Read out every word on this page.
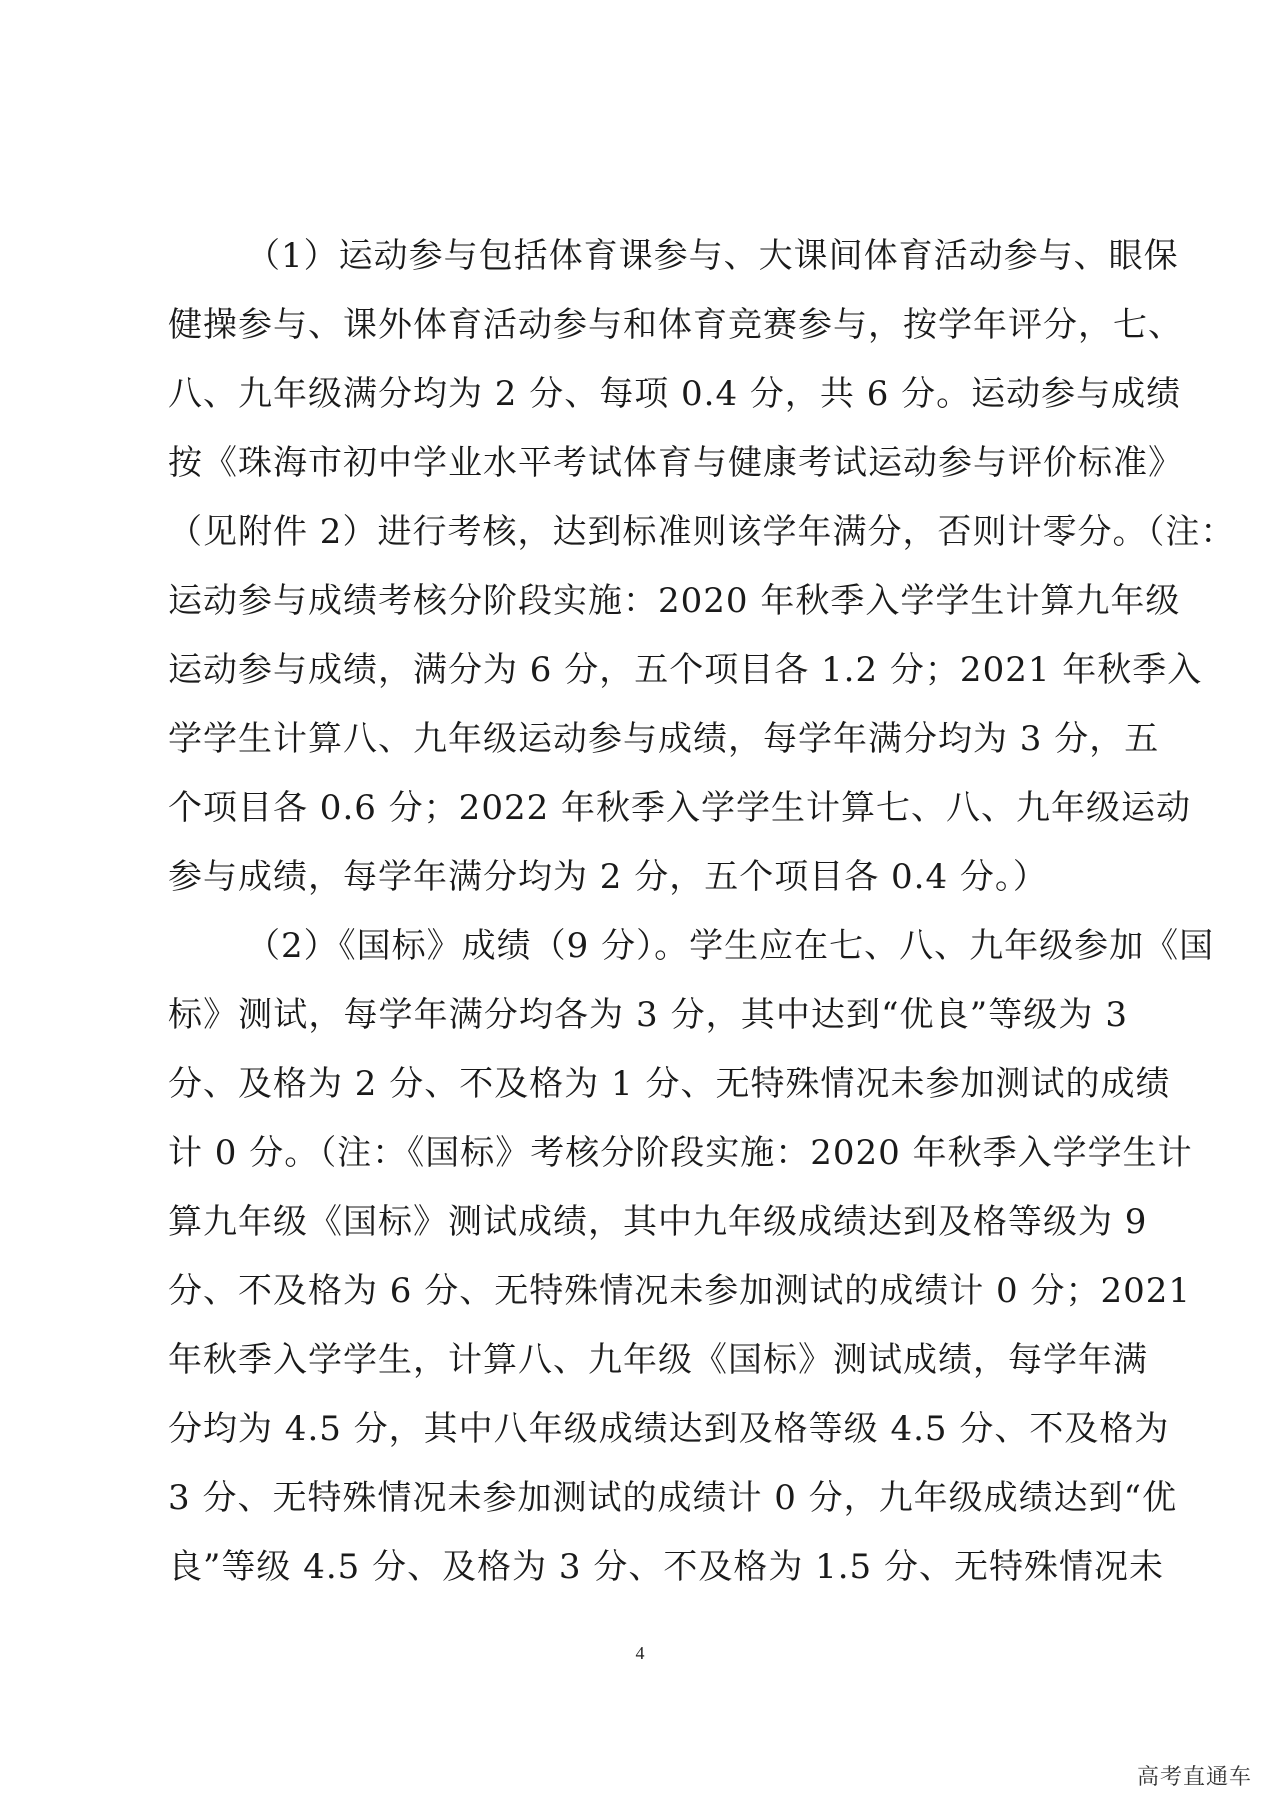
（1）运动参与包括体育课参与、大课间体育活动参与、眼保
健操参与、课外体育活动参与和体育竞赛参与，按学年评分，七、
八、九年级满分均为 2 分、每项 0.4 分，共 6 分。运动参与成绩
按《珠海市初中学业水平考试体育与健康考试运动参与评价标准》
（见附件 2）进行考核，达到标准则该学年满分，否则计零分。（注：
运动参与成绩考核分阶段实施：2020 年秋季入学学生计算九年级
运动参与成绩，满分为 6 分，五个项目各 1.2 分；2021 年秋季入
学学生计算八、九年级运动参与成绩，每学年满分均为 3 分，五
个项目各 0.6 分；2022 年秋季入学学生计算七、八、九年级运动
参与成绩，每学年满分均为 2 分，五个项目各 0.4 分。）
（2）《国标》成绩（9 分）。学生应在七、八、九年级参加《国
标》测试，每学年满分均各为 3 分，其中达到“优良”等级为 3
分、及格为 2 分、不及格为 1 分、无特殊情况未参加测试的成绩
计 0 分。（注：《国标》考核分阶段实施：2020 年秋季入学学生计
算九年级《国标》测试成绩，其中九年级成绩达到及格等级为 9
分、不及格为 6 分、无特殊情况未参加测试的成绩计 0 分；2021
年秋季入学学生，计算八、九年级《国标》测试成绩，每学年满
分均为 4.5 分，其中八年级成绩达到及格等级 4.5 分、不及格为
3 分、无特殊情况未参加测试的成绩计 0 分，九年级成绩达到“优
良”等级 4.5 分、及格为 3 分、不及格为 1.5 分、无特殊情况未
4
高考直通车
